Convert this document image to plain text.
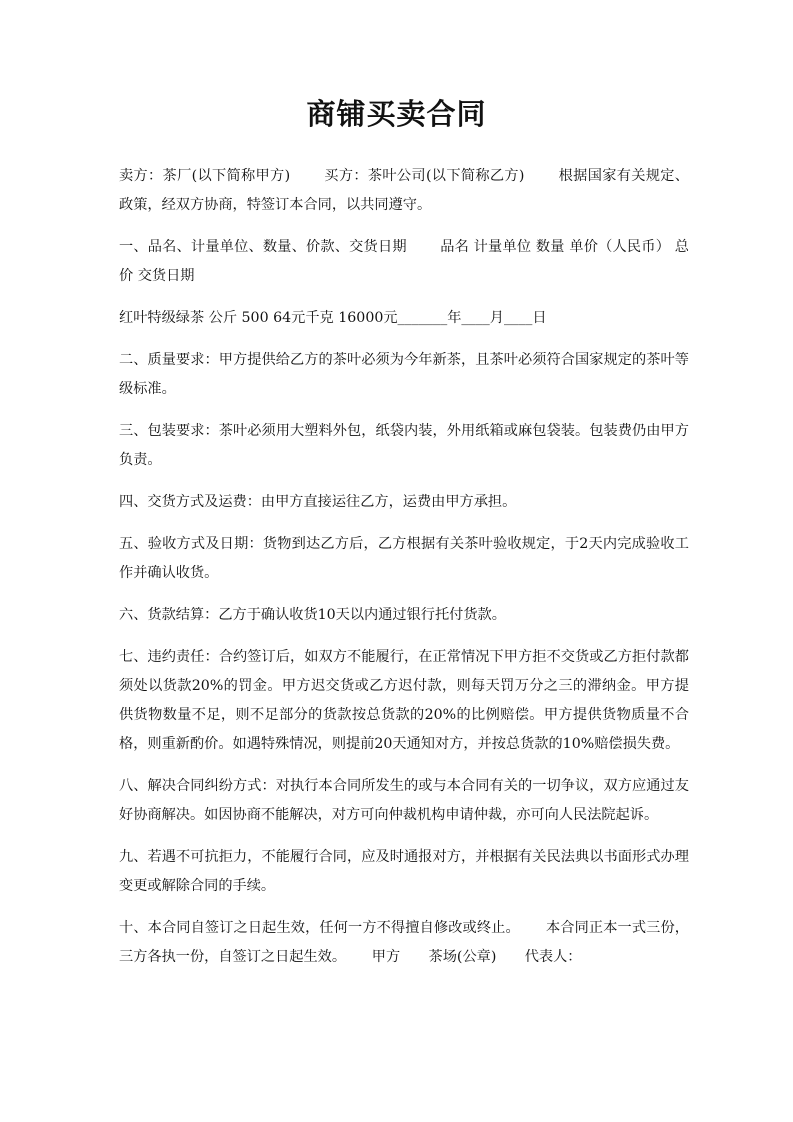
商铺买卖合同

卖方：茶厂(以下简称甲方)　　 买方：茶叶公司(以下简称乙方)　　 根据国家有关规定、政策，经双方协商，特签订本合同，以共同遵守。

一、品名、计量单位、数量、价款、交货日期　　 品名 计量单位 数量 单价（人民币） 总价 交货日期

红叶特级绿茶 公斤 500 64元千克 16000元_______年____月____日

二、质量要求：甲方提供给乙方的茶叶必须为今年新茶，且茶叶必须符合国家规定的茶叶等级标准。

三、包装要求：茶叶必须用大塑料外包，纸袋内装，外用纸箱或麻包袋装。包装费仍由甲方负责。

四、交货方式及运费：由甲方直接运往乙方，运费由甲方承担。

五、验收方式及日期：货物到达乙方后，乙方根据有关茶叶验收规定，于2天内完成验收工作并确认收货。

六、货款结算：乙方于确认收货10天以内通过银行托付货款。

七、违约责任：合约签订后，如双方不能履行，在正常情况下甲方拒不交货或乙方拒付款都须处以货款20%的罚金。甲方迟交货或乙方迟付款，则每天罚万分之三的滞纳金。甲方提供货物数量不足，则不足部分的货款按总货款的20%的比例赔偿。甲方提供货物质量不合格，则重新酌价。如遇特殊情况，则提前20天通知对方，并按总货款的10%赔偿损失费。

八、解决合同纠纷方式：对执行本合同所发生的或与本合同有关的一切争议，双方应通过友好协商解决。如因协商不能解决，对方可向仲裁机构申请仲裁，亦可向人民法院起诉。

九、若遇不可抗拒力，不能履行合同，应及时通报对方，并根据有关民法典以书面形式办理变更或解除合同的手续。

十、本合同自签订之日起生效，任何一方不得擅自修改或终止。　　 本合同正本一式三份，三方各执一份，自签订之日起生效。　　 甲方　　茶场(公章)　　代表人：
